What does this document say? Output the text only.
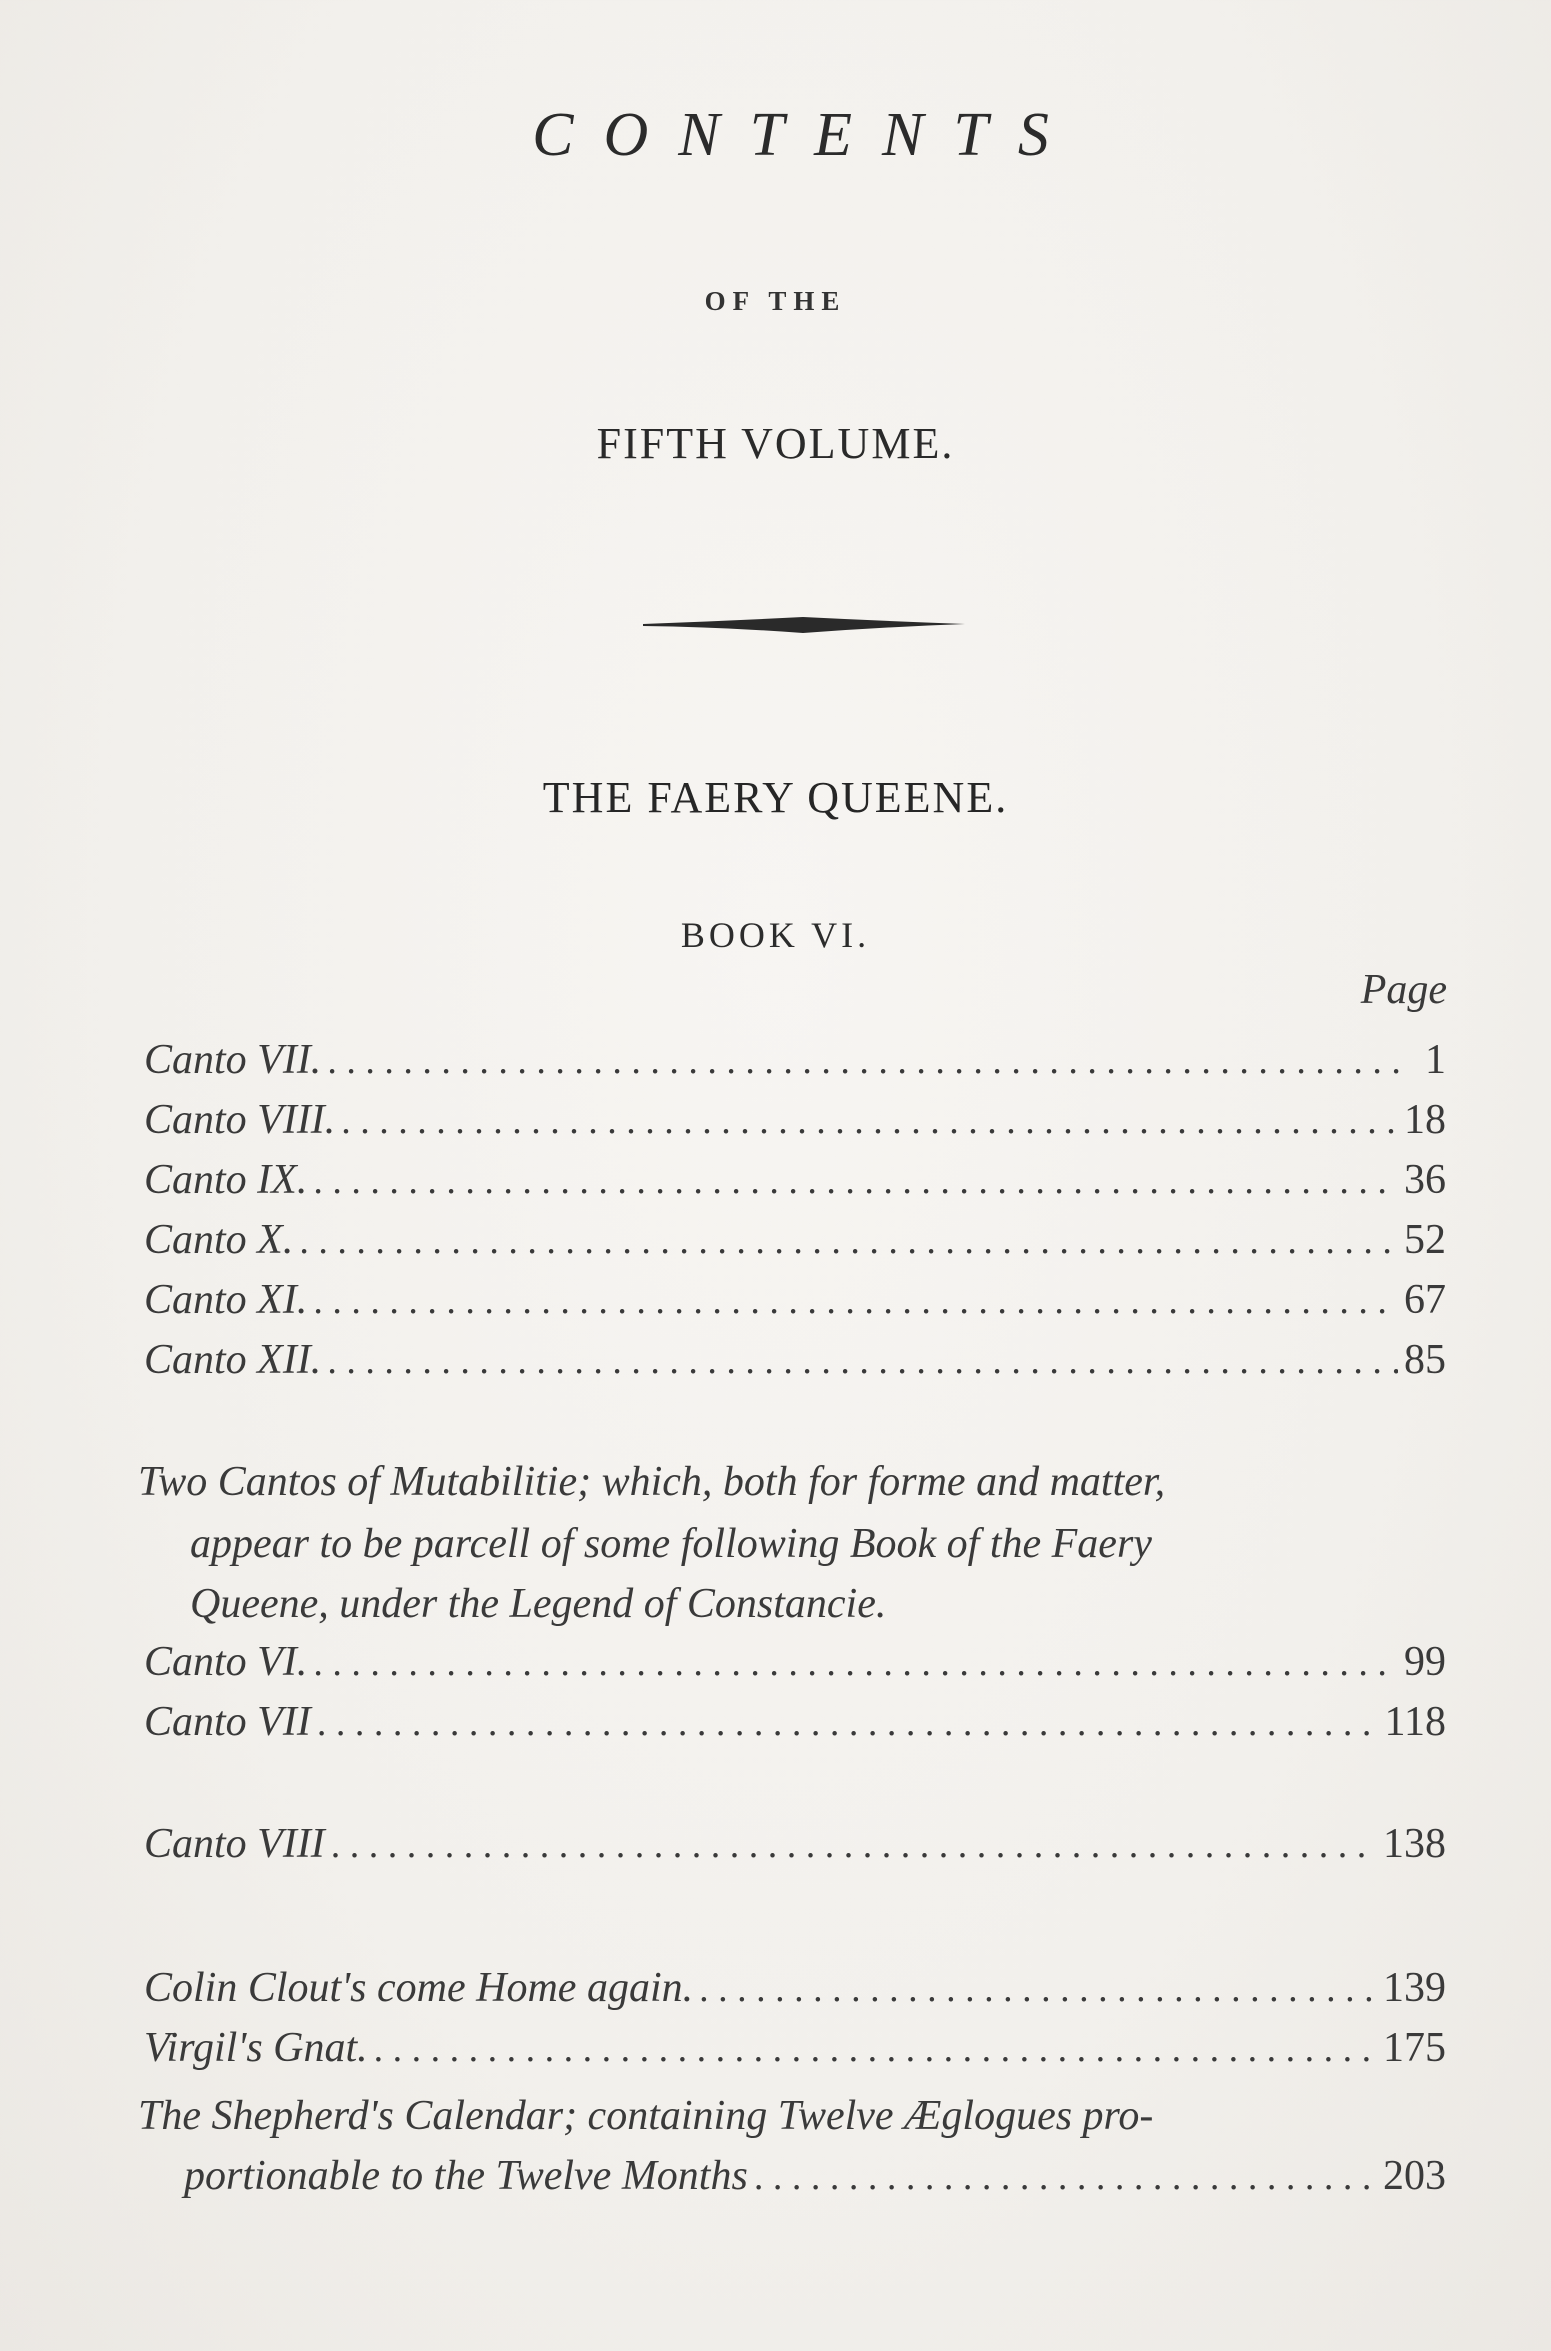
CONTENTS
OF THE
FIFTH VOLUME.
THE FAERY QUEENE.
BOOK VI.
Page
Canto VII. . . .	1
Canto VIII. . . .	18
Canto IX. . . .	36
Canto X. . . .	52
Canto XI. . . .	67
Canto XII. . . .	85
Two Cantos of Mutabilitie; which, both for forme and matter,
appear to be parcell of some following Book of the Faery
Queene, under the Legend of Constancie.
Canto VI. . . .	99
Canto VII . . .	118
Canto VIII . . .	138
Colin Clout's come Home again. . . .	139
Virgil's Gnat. . . .	175
The Shepherd's Calendar; containing Twelve Æglogues pro-
portionable to the Twelve Months . . .	203
